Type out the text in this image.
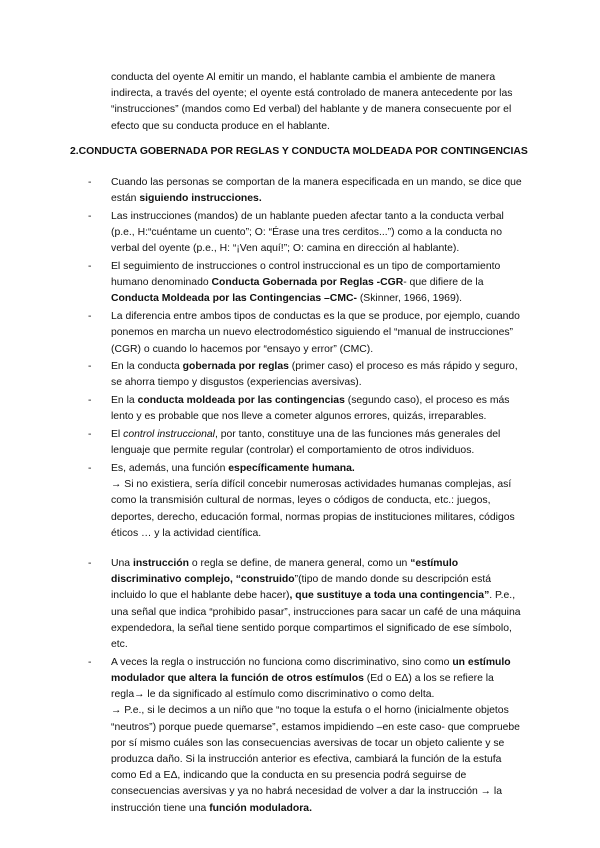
conducta del oyente Al emitir un mando, el hablante cambia el ambiente de manera indirecta, a través del oyente; el oyente está controlado de manera antecedente por las “instrucciones” (mandos como Ed verbal) del hablante y de manera consecuente por el efecto que su conducta produce en el hablante.

2.CONDUCTA GOBERNADA POR REGLAS Y CONDUCTA MOLDEADA POR CONTINGENCIAS

- Cuando las personas se comportan de la manera especificada en un mando, se dice que están siguiendo instrucciones.
- Las instrucciones (mandos) de un hablante pueden afectar tanto a la conducta verbal (p.e., H:“cuéntame un cuento”; O: “Érase una tres cerditos...”) como a la conducta no verbal del oyente (p.e., H: “¡Ven aquí!”; O: camina en dirección al hablante).
- El seguimiento de instrucciones o control instruccional es un tipo de comportamiento humano denominado Conducta Gobernada por Reglas -CGR- que difiere de la Conducta Moldeada por las Contingencias –CMC- (Skinner, 1966, 1969).
- La diferencia entre ambos tipos de conductas es la que se produce, por ejemplo, cuando ponemos en marcha un nuevo electrodoméstico siguiendo el “manual de instrucciones” (CGR) o cuando lo hacemos por “ensayo y error” (CMC).
- En la conducta gobernada por reglas (primer caso) el proceso es más rápido y seguro, se ahorra tiempo y disgustos (experiencias aversivas).
- En la conducta moldeada por las contingencias (segundo caso), el proceso es más lento y es probable que nos lleve a cometer algunos errores, quizás, irreparables.
- El control instruccional, por tanto, constituye una de las funciones más generales del lenguaje que permite regular (controlar) el comportamiento de otros individuos.
- Es, además, una función específicamente humana.
→ Si no existiera, sería difícil concebir numerosas actividades humanas complejas, así como la transmisión cultural de normas, leyes o códigos de conducta, etc.: juegos, deportes, derecho, educación formal, normas propias de instituciones militares, códigos éticos … y la actividad científica.
- Una instrucción o regla se define, de manera general, como un “estímulo discriminativo complejo, “construido”(tipo de mando donde su descripción está incluido lo que el hablante debe hacer), que sustituye a toda una contingencia”. P.e., una señal que indica “prohibido pasar”, instrucciones para sacar un café de una máquina expendedora, la señal tiene sentido porque compartimos el significado de ese símbolo, etc.
- A veces la regla o instrucción no funciona como discriminativo, sino como un estímulo modulador que altera la función de otros estímulos (Ed o EΔ) a los se refiere la regla→ le da significado al estímulo como discriminativo o como delta.
→ P.e., si le decimos a un niño que “no toque la estufa o el horno (inicialmente objetos “neutros”) porque puede quemarse”, estamos impidiendo –en este caso- que compruebe por sí mismo cuáles son las consecuencias aversivas de tocar un objeto caliente y se produzca daño. Si la instrucción anterior es efectiva, cambiará la función de la estufa como Ed a EΔ, indicando que la conducta en su presencia podrá seguirse de consecuencias aversivas y ya no habrá necesidad de volver a dar la instrucción → la instrucción tiene una función moduladora.
